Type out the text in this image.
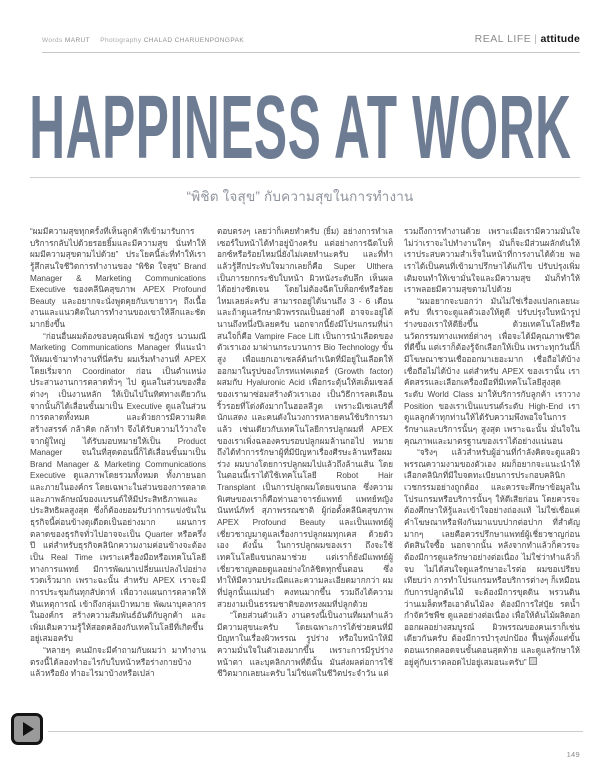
Words MARUT Photography CHALAD CHARUENPONGPAK	REAL LIFE | attitude
HAPPINESS AT WORK
“พิชิต ใจสุข” กับความสุขในการทำงาน

“ผมมีความสุขทุกครั้งที่เห็นลูกค้าที่เข้ามารับการบริการกลับไปด้วยรอยยิ้มและมีความสุข นั่นทำให้ผมมีความสุขตามไปด้วย” ประโยคนี้ล่ะที่ทำให้เรารู้สึกสนใจชีวิตการทำงานของ “พิชิต ใจสุข” Brand Manager & Marketing Communications Executive ของคลีนิคสุขภาพ APEX Profound Beauty และอยากจะนั่งพูดคุยกับเขายาวๆ ถึงเนื้องานและแนวคิดในการทำงานของเขาให้ลึกและชัดมากยิ่งขึ้น

“ก่อนอื่นผมต้องขอบคุณพี่เอฟ ชฎังกูร นวนมณี Marketing Communications Manager ที่แนะนำให้ผมเข้ามาทำงานที่นี่ครับ ผมเริ่มทำงานที่ APEX โดยเริ่มจาก Coordinator ก่อน เป็นตำแหน่งประสานงานการตลาดทั่วๆ ไป ดูแลในส่วนของสื่อต่างๆ เป็นงานหลัก ให้เป็นไปในทิศทางเดียวกัน จากนั้นก็ได้เลื่อนขั้นมาเป็น Executive ดูแลในส่วนการตลาดทั้งหมด และด้วยการมีความคิดสร้างสรรค์ กล้าคิด กล้าทำ จึงได้รับความไว้วางใจจากผู้ใหญ่ ได้รับมอบหมายให้เป็น Product Manager จนในที่สุดตอนนี้ก็ได้เลื่อนขั้นมาเป็น Brand Manager & Marketing Communications Executive ดูแลภาพโดยรวมทั้งหมด ทั้งภายนอกและภายในองค์กร โดยเฉพาะในส่วนของการตลาดและภาพลักษณ์ของแบรนด์ให้มีประสิทธิภาพและประสิทธิผลสูงสุด ซึ่งก็ต้องยอมรับว่าการแข่งขันในธุรกิจนี้ค่อนข้างดุเดือดเป็นอย่างมาก แผนการตลาดของธุรกิจทั่วไปอาจจะเป็น Quarter หรือครึ่งปี แต่สำหรับธุรกิจคลินิกความงามค่อนข้างจะต้องเป็น Real Time เพราะเครื่องมือหรือเทคโนโลยีทางการแพทย์ มีการพัฒนาเปลี่ยนแปลงไปอย่างรวดเร็วมาก เพราะฉะนั้น สำหรับ APEX เราจะมีการประชุมกันทุกสัปดาห์ เพื่อวางแผนการตลาดให้ทันเหตุการณ์ เข้าถึงกลุ่มเป้าหมาย พัฒนาบุคลากรในองค์กร สร้างความสัมพันธ์อันดีกับลูกค้า และเพิ่มเติมความรู้ให้สอดคล้องกับเทคโนโลยีที่เกิดขึ้นอยู่เสมอครับ

“หลายๆ คนมักจะมีคำถามกับผมว่า มาทำงานตรงนี้ได้ลองทำอะไรกับใบหน้าหรือร่างกายบ้างแล้วหรือยัง ทำอะไรมาบ้างหรือเปล่า

ตอบตรงๆ เลยว่าก็เคยทำครับ (ยิ้ม) อย่างการทำเลเซอร์ใบหน้าได้ทำอยู่บ้างครับ แต่อย่างการฉีดโบท็อกซ์หรือร้อยไหมนี่ยังไม่เคยทำนะครับ และที่ทำแล้วรู้สึกประทับใจมากเลยก็คือ Super Ulthera เป็นการยกกระชับใบหน้า ผิวหนังระดับลึก เห็นผลได้อย่างชัดเจน โดยไม่ต้องฉีดโบท็อกซ์หรือร้อยไหมเลยล่ะครับ สามารถอยู่ได้นานถึง 3 - 6 เดือน และถ้าดูแลรักษาผิวพรรณเป็นอย่างดี อาจจะอยู่ได้นานถึงหนึ่งปีเลยครับ นอกจากนี้ยังมีโปรแกรมที่น่าสนใจก็คือ Vampire Face Lift เป็นการนำเลือดของตัวเราเอง มาผ่านกระบวนการ Bio Technology ขั้นสูง เพื่อแยกเอาเซลล์ต้นกำเนิดที่มีอยู่ในเลือดให้ออกมาในรูปของโกรทแฟคเตอร์ (Growth factor) ผสมกับ Hyaluronic Acid เพื่อกระตุ้นให้สเต็มเซลล์ของเรามาซ่อมสร้างตัวเราเอง เป็นวิธีการลดเลือนริ้วรอยที่โด่งดังมากในฮอลลีวูด เพราะมีเซเลบริตี้ นักแสดง และคนดังในวงการหลายคนใช้บริการมาแล้ว เช่นเดียวกับเทคโนโลยีการปลูกผมที่ APEX ของเราเพิ่งฉลองครบรอบปลูกผมล้านกอไป หมายถึงได้ทำการรักษาผู้ที่มีปัญหาเรื่องศีรษะล้านหรือผมร่วง ผมบางโดยการปลูกผมไปแล้วถึงล้านเส้น โดยในตอนนี้เราได้ใช้เทคโนโลยี Robot Hair Transplant เป็นการปลูกผมโดยแขนกล ซึ่งความพิเศษของเราก็คือท่านอาจารย์แพทย์ แพทย์หญิงนันทน์ภัทร์ สุภาพรรณชาติ ผู้ก่อตั้งคลีนิคสุขภาพ APEX Profound Beauty และเป็นแพทย์ผู้เชี่ยวชาญมาดูแลเรื่องการปลูกผมทุกเคส ด้วยตัวเอง ดังนั้น ในการปลูกผมของเรา ถึงจะใช้เทคโนโลยีแขนกลมาช่วย แต่เราก็ยังมีแพทย์ผู้เชี่ยวชาญคอยดูแลอย่างใกล้ชิดทุกขั้นตอน ซึ่งทำให้มีความประณีตและความละเอียดมากกว่า ผมที่ปลูกนั้นแม่นยำ คงทนมากขึ้น รวมถึงได้ความสวยงามเป็นธรรมชาติของทรงผมที่ปลูกด้วย

“โดยส่วนตัวแล้ว งานตรงนี้เป็นงานที่ผมทำแล้วมีความสุขนะครับ โดยเฉพาะการได้ช่วยคนที่มีปัญหาในเรื่องผิวพรรณ รูปร่าง หรือใบหน้าให้มีความมั่นใจในตัวเองมากขึ้น เพราะการมีรูปร่างหน้าตา และบุคลิกภาพที่ดีนั้น มันส่งผลต่อการใช้ชีวิตมากเลยนะครับ ไม่ใช่แค่ในชีวิตประจำวัน แต่

รวมถึงการทำงานด้วย เพราะเมื่อเรามีความมั่นใจไม่ว่าเราจะไปทำงานใดๆ มันก็จะมีส่วนผลักดันให้เราประสบความสำเร็จในหน้าที่การงานได้ด้วย พอเราได้เป็นคนที่เข้ามาปรึกษาได้แก้ไข ปรับปรุงเพิ่มเติมจนทำให้เขามั่นใจและมีความสุข มันก็ทำให้เราพลอยมีความสุขตามไปด้วย

“ผมอยากจะบอกว่า มันไม่ใช่เรื่องแปลกเลยนะครับ ที่เราจะดูแลตัวเองให้ดูดี ปรับปรุงใบหน้ารูปร่างของเราให้ดียิ่งขึ้น ด้วยเทคโนโลยีหรือนวัตกรรมทางแพทย์ต่างๆ เพื่อจะได้มีคุณภาพชีวิตที่ดีขึ้น แต่เราก็ต้องรู้จักเลือกให้เป็น เพราะทุกวันนี้ก็มีโฆษณาชวนเชื่อออกมาเยอะมาก เชื่อถือได้บ้าง เชื่อถือไม่ได้บ้าง แต่สำหรับ APEX ของเรานั้น เราคัดสรรและเลือกเครื่องมือที่มีเทคโนโลยีสูงสุดระดับ World Class มาให้บริการกับลูกค้า เราวาง Position ของเราเป็นแบรนด์ระดับ High-End เราดูแลลูกค้าทุกท่านให้ได้รับความพึงพอใจในการรักษาและบริการนั้นๆ สูงสุด เพราะฉะนั้น มั่นใจในคุณภาพและมาตรฐานของเราได้อย่างแน่นอน

“จริงๆ แล้วสำหรับผู้อ่านที่กำลังคิดจะดูแลผิวพรรณความงามของตัวเอง ผมก็อยากจะแนะนำให้เลือกคลินิกที่มีใบจดทะเบียนการประกอบคลินิกเวชกรรมอย่างถูกต้อง และควรจะศึกษาข้อมูลในโปรแกรมหรือบริการนั้นๆ ให้ดีเสียก่อน โดยควรจะต้องศึกษาให้รู้และเข้าใจอย่างถ่องแท้ ไม่ใช่เชื่อแค่คำโฆษณาหรือฟังกันมาแบบปากต่อปาก ที่สำคัญมากๆ เลยคือควรปรึกษาแพทย์ผู้เชี่ยวชาญก่อนตัดสินใจซื้อ นอกจากนั้น หลังจากทำแล้วก็ควรจะต้องมีการดูแลรักษาอย่างต่อเนื่อง ไม่ใช่ว่าทำแล้วก็จบ ไม่ได้สนใจดูแลรักษาอะไรต่อ ผมขอเปรียบเทียบว่า การทำโปรแกรมหรือบริการต่างๆ ก็เหมือนกับการปลูกต้นไม้ จะต้องมีการขุดดิน พรวนดิน ว่านเมล็ดหรือเอาต้นไม้ลง ต้องมีการใส่ปุ๋ย รดน้ำ กำจัดวัชพืช ดูแลอย่างต่อเนื่อง เพื่อให้ต้นไม้ผลิดอกออกผลอย่างสมบูรณ์ ผิวพรรณของคนเราก็เช่นเดียวกันครับ ต้องมีการบำรุงปกป้อง ฟื้นฟูตั้งแต่ขั้นตอนแรกตลอดจนขั้นตอนสุดท้าย และดูแลรักษาให้อยู่คู่กับเราตลอดไปอยู่เสมอนะครับ”

149
